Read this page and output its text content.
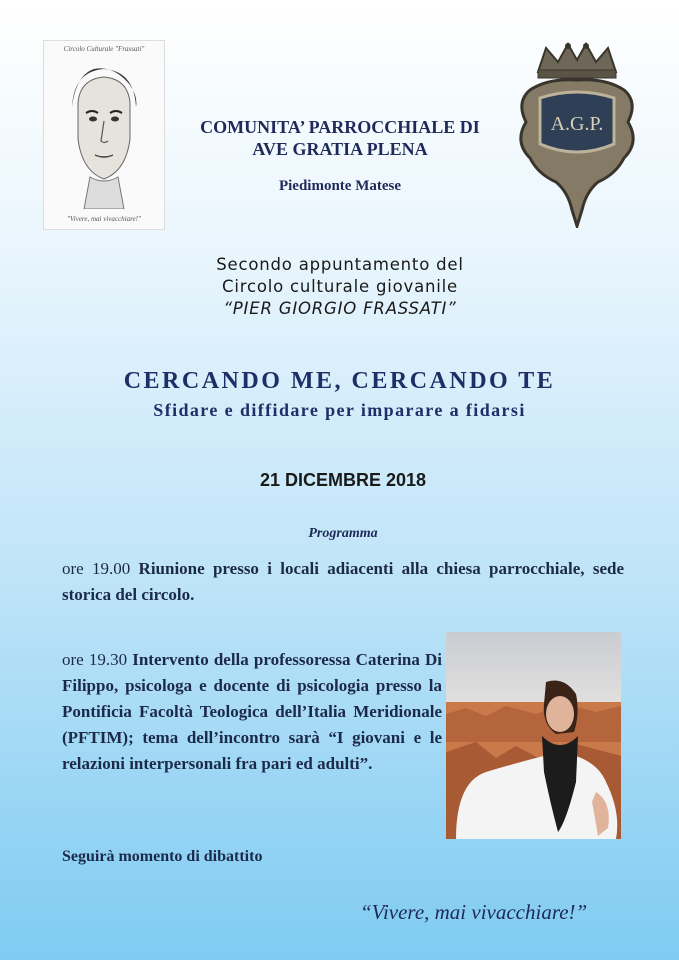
Circolo Culturale "Frassati"
"Vivere, mai vivacchiare!"
A.G.P.
COMUNITA’ PARROCCHIALE DI
AVE GRATIA PLENA
Piedimonte Matese
Secondo appuntamento del
Circolo culturale giovanile
“PIER GIORGIO FRASSATI”
CERCANDO ME, CERCANDO TE
Sfidare e diffidare per imparare a fidarsi
21 DICEMBRE 2018
Programma
ore 19.00 Riunione presso i locali adiacenti alla chiesa parrocchiale, sede storica del circolo.
ore 19.30 Intervento della professoressa Caterina Di Filippo, psicologa e docente di psicologia presso la Pontificia Facoltà Teologica dell’Italia Meridionale (PFTIM); tema dell’incontro sarà “I giovani e le relazioni interpersonali fra pari ed adulti”.
Seguirà momento di dibattito
“Vivere, mai vivacchiare!”
